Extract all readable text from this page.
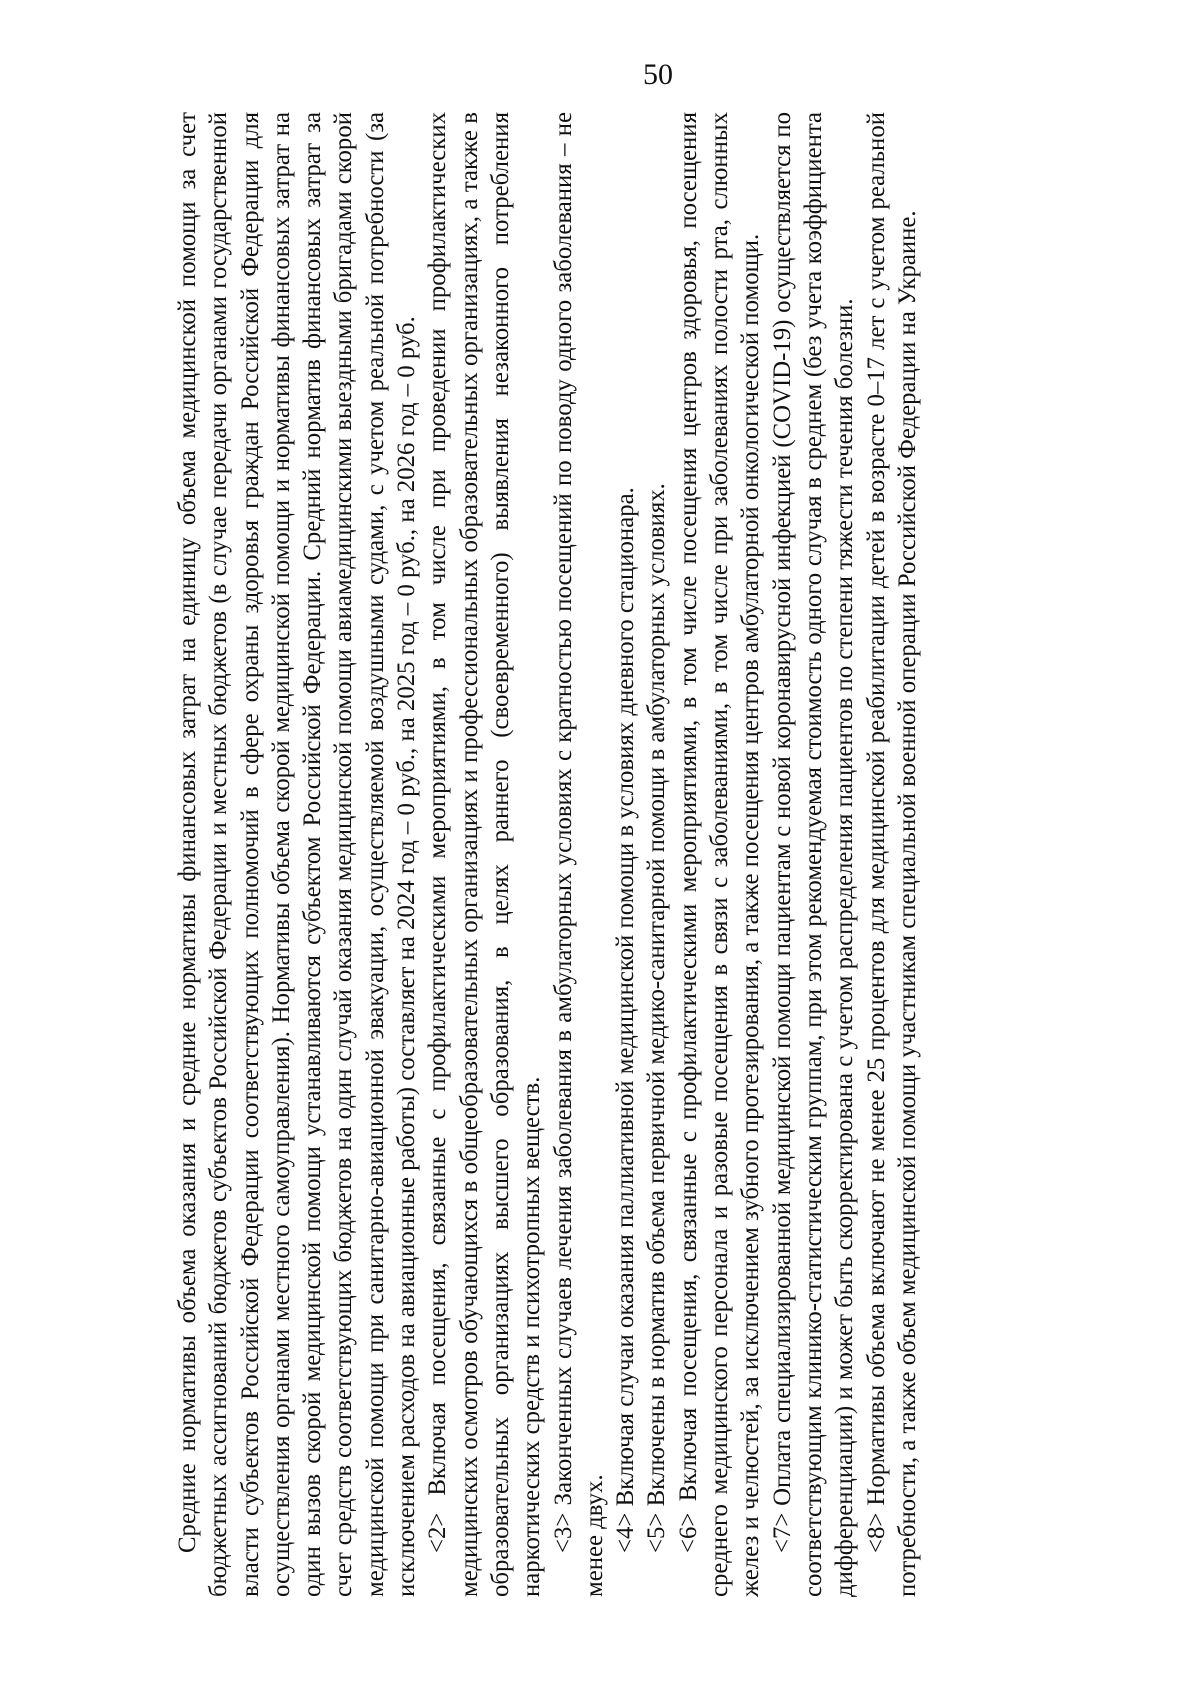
50

Средние нормативы объема оказания и средние нормативы финансовых затрат на единицу объема медицинской помощи за счет бюджетных ассигнований бюджетов субъектов Российской Федерации и местных бюджетов (в случае передачи органами государственной власти субъектов Российской Федерации соответствующих полномочий в сфере охраны здоровья граждан Российской Федерации для осуществления органами местного самоуправления). Нормативы объема скорой медицинской помощи и нормативы финансовых затрат на один вызов скорой медицинской помощи устанавливаются субъектом Российской Федерации. Средний норматив финансовых затрат за счет средств соответствующих бюджетов на один случай оказания медицинской помощи авиамедицинскими выездными бригадами скорой медицинской помощи при санитарно-авиационной эвакуации, осуществляемой воздушными судами, с учетом реальной потребности (за исключением расходов на авиационные работы) составляет на 2024 год – 0 руб., на 2025 год – 0 руб., на 2026 год – 0 руб. <2> Включая посещения, связанные с профилактическими мероприятиями, в том числе при проведении профилактических медицинских осмотров обучающихся в общеобразовательных организациях и профессиональных образовательных организациях, а также в образовательных организациях высшего образования, в целях раннего (своевременного) выявления незаконного потребления наркотических средств и психотропных веществ. <3> Законченных случаев лечения заболевания в амбулаторных условиях с кратностью посещений по поводу одного заболевания – не менее двух. <4> Включая случаи оказания паллиативной медицинской помощи в условиях дневного стационара. <5> Включены в норматив объема первичной медико-санитарной помощи в амбулаторных условиях. <6> Включая посещения, связанные с профилактическими мероприятиями, в том числе посещения центров здоровья, посещения среднего медицинского персонала и разовые посещения в связи с заболеваниями, в том числе при заболеваниях полости рта, слюнных желез и челюстей, за исключением зубного протезирования, а также посещения центров амбулаторной онкологической помощи. <7> Оплата специализированной медицинской помощи пациентам с новой коронавирусной инфекцией (COVID-19) осуществляется по соответствующим клинико-статистическим группам, при этом рекомендуемая стоимость одного случая в среднем (без учета коэффициента дифференциации) и может быть скорректирована с учетом распределения пациентов по степени тяжести течения болезни. <8> Нормативы объема включают не менее 25 процентов для медицинской реабилитации детей в возрасте 0–17 лет с учетом реальной потребности, а также объем медицинской помощи участникам специальной военной операции Российской Федерации на Украине.
